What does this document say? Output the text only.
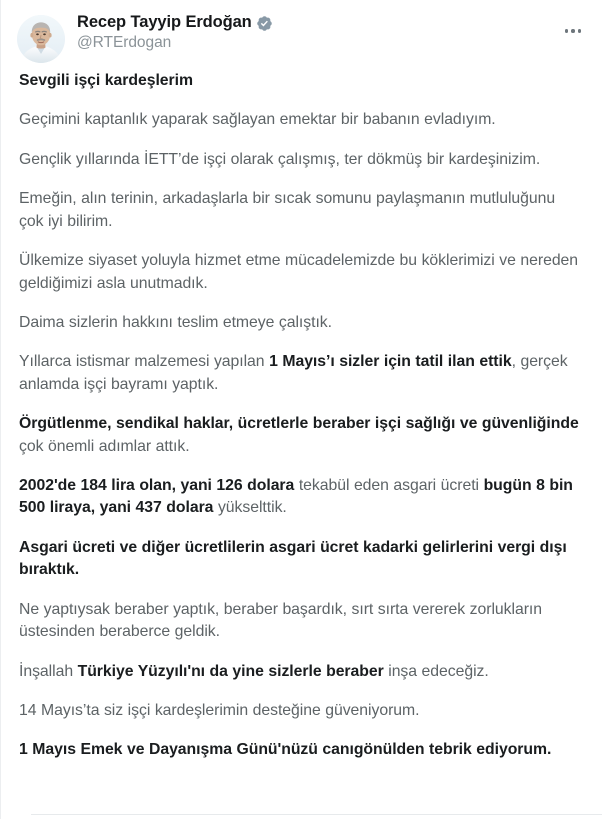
Recep Tayyip Erdoğan
@RTErdogan

Sevgili işçi kardeşlerim

Geçimini kaptanlık yaparak sağlayan emektar bir babanın evladıyım.

Gençlik yıllarında İETT’de işçi olarak çalışmış, ter dökmüş bir kardeşinizim.

Emeğin, alın terinin, arkadaşlarla bir sıcak somunu paylaşmanın mutluluğunu çok iyi bilirim.

Ülkemize siyaset yoluyla hizmet etme mücadelemizde bu köklerimizi ve nereden geldiğimizi asla unutmadık.

Daima sizlerin hakkını teslim etmeye çalıştık.

Yıllarca istismar malzemesi yapılan 1 Mayıs’ı sizler için tatil ilan ettik, gerçek anlamda işçi bayramı yaptık.

Örgütlenme, sendikal haklar, ücretlerle beraber işçi sağlığı ve güvenliğinde çok önemli adımlar attık.

2002'de 184 lira olan, yani 126 dolara tekabül eden asgari ücreti bugün 8 bin 500 liraya, yani 437 dolara yükselttik.

Asgari ücreti ve diğer ücretlilerin asgari ücret kadarki gelirlerini vergi dışı bıraktık.

Ne yaptıysak beraber yaptık, beraber başardık, sırt sırta vererek zorlukların üstesinden beraberce geldik.

İnşallah Türkiye Yüzyılı'nı da yine sizlerle beraber inşa edeceğiz.

14 Mayıs’ta siz işçi kardeşlerimin desteğine güveniyorum.

1 Mayıs Emek ve Dayanışma Günü'nüzü canıgönülden tebrik ediyorum.
